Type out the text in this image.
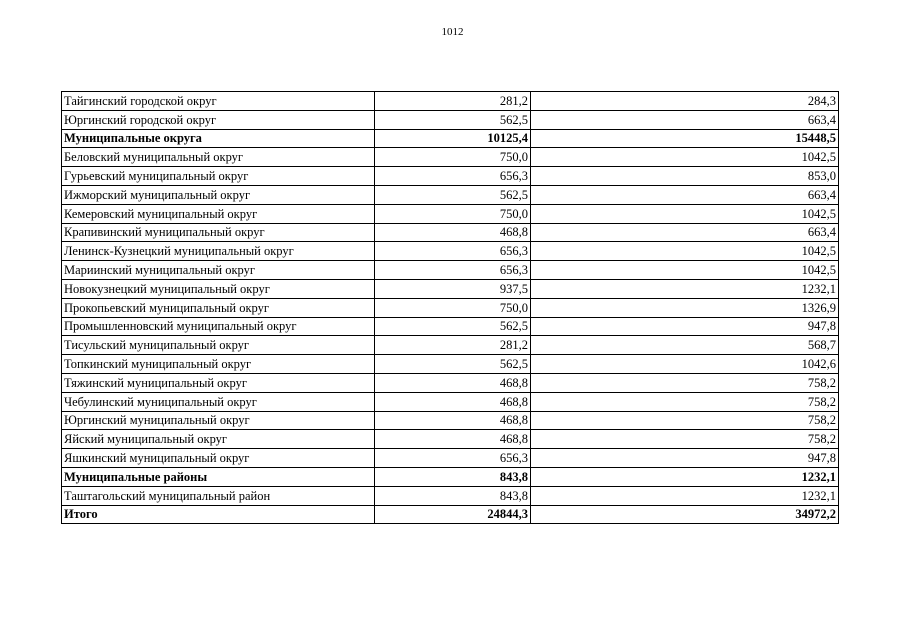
1012
Тайгинский городской округ	281,2	284,3
Юргинский городской округ	562,5	663,4
Муниципальные округа	10125,4	15448,5
Беловский муниципальный округ	750,0	1042,5
Гурьевский муниципальный округ	656,3	853,0
Ижморский муниципальный округ	562,5	663,4
Кемеровский муниципальный округ	750,0	1042,5
Крапивинский муниципальный округ	468,8	663,4
Ленинск-Кузнецкий муниципальный округ	656,3	1042,5
Мариинский муниципальный округ	656,3	1042,5
Новокузнецкий муниципальный округ	937,5	1232,1
Прокопьевский муниципальный округ	750,0	1326,9
Промышленновский муниципальный округ	562,5	947,8
Тисульский муниципальный округ	281,2	568,7
Топкинский муниципальный округ	562,5	1042,6
Тяжинский муниципальный округ	468,8	758,2
Чебулинский муниципальный округ	468,8	758,2
Юргинский муниципальный округ	468,8	758,2
Яйский муниципальный округ	468,8	758,2
Яшкинский муниципальный округ	656,3	947,8
Муниципальные районы	843,8	1232,1
Таштагольский муниципальный район	843,8	1232,1
Итого	24844,3	34972,2
